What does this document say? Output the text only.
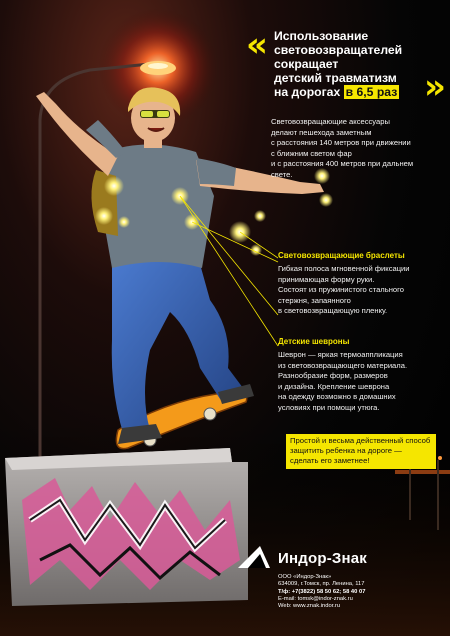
« Использование
световозвращателей
сокращает
детский травматизм
на дорогах в 6,5 раз »
Световозвращающие аксессуары
делают пешехода заметным
с расстояния 140 метров при движении
с ближним светом фар
и с расстояния 400 метров при дальнем
свете.
Световозвращающие браслеты
Гибкая полоса мгновенной фиксации
принимающая форму руки.
Состоят из пружинистого стального
стержня, запаянного
в световозвращающую пленку.
Детские шевроны
Шеврон — яркая термоаппликация
из световозвращающего материала.
Разнообразие форм, размеров
и дизайна. Крепление шеврона
на одежду возможно в домашних
условиях при помощи утюга.
Простой и весьма действенный способ
защитить ребенка на дороге —
сделать его заметнее!
Индор-Знак
ООО «Индор-Знак»
634009, г.Томск, пр. Ленина, 117
Т/ф: +7(3822) 58 50 62; 58 40 07
E-mail: tomsk@indor-znak.ru
Web: www.znak.indor.ru
